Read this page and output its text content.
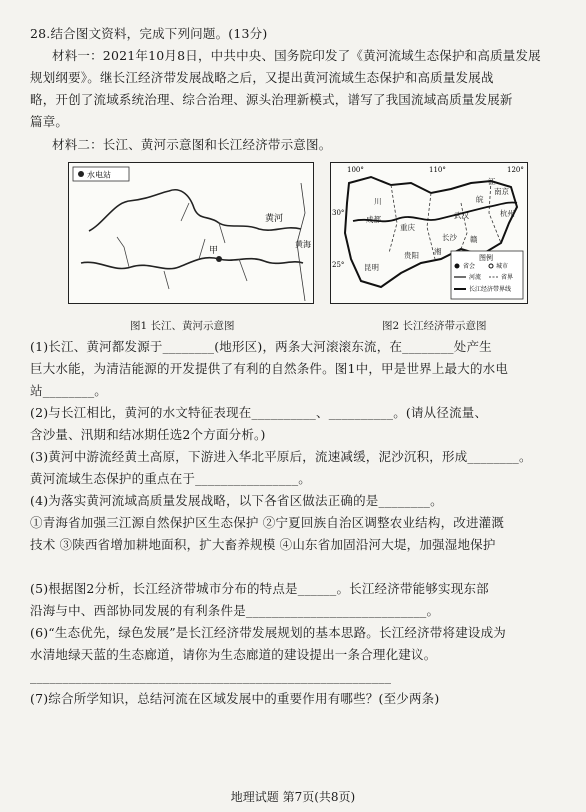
28.结合图文资料，完成下列问题。(13分)
材料一：2021年10月8日，中共中央、国务院印发了《黄河流域生态保护和高质量发展
规划纲要》。继长江经济带发展战略之后，又提出黄河流域生态保护和高质量发展战
略，开创了流域系统治理、综合治理、源头治理新模式，谱写了我国流域高质量发展新
篇章。
材料二：长江、黄河示意图和长江经济带示意图。
水电站
甲
黄河
黄海
图1 长江、黄河示意图
100°	110°	120°
30°
25°
图例
省会	城市
河流	省界
长江经济带界线
成都
重庆
贵阳
昆明
长沙
武汉
南京
杭州
川
湘
赣
皖
江
图2 长江经济带示意图
(1)长江、黄河都发源于________(地形区)，两条大河滚滚东流，在________处产生
巨大水能，为清洁能源的开发提供了有利的自然条件。图1中，甲是世界上最大的水电
站________。
(2)与长江相比，黄河的水文特征表现在__________、__________。(请从径流量、
含沙量、汛期和结冰期任选2个方面分析。)
(3)黄河中游流经黄土高原，下游进入华北平原后，流速减缓，泥沙沉积，形成________。
黄河流域生态保护的重点在于________________。
(4)为落实黄河流域高质量发展战略，以下各省区做法正确的是________。
①青海省加强三江源自然保护区生态保护 ②宁夏回族自治区调整农业结构，改进灌溉
技术 ③陕西省增加耕地面积，扩大畜养规模 ④山东省加固沿河大堤，加强湿地保护
(5)根据图2分析，长江经济带城市分布的特点是______。长江经济带能够实现东部
沿海与中、西部协同发展的有利条件是____________________________。
(6)“生态优先，绿色发展”是长江经济带发展规划的基本思路。长江经济带将建设成为
水清地绿天蓝的生态廊道，请你为生态廊道的建设提出一条合理化建议。
________________________________________________________
(7)综合所学知识，总结河流在区域发展中的重要作用有哪些？(至少两条)
地理试题 第7页(共8页)
